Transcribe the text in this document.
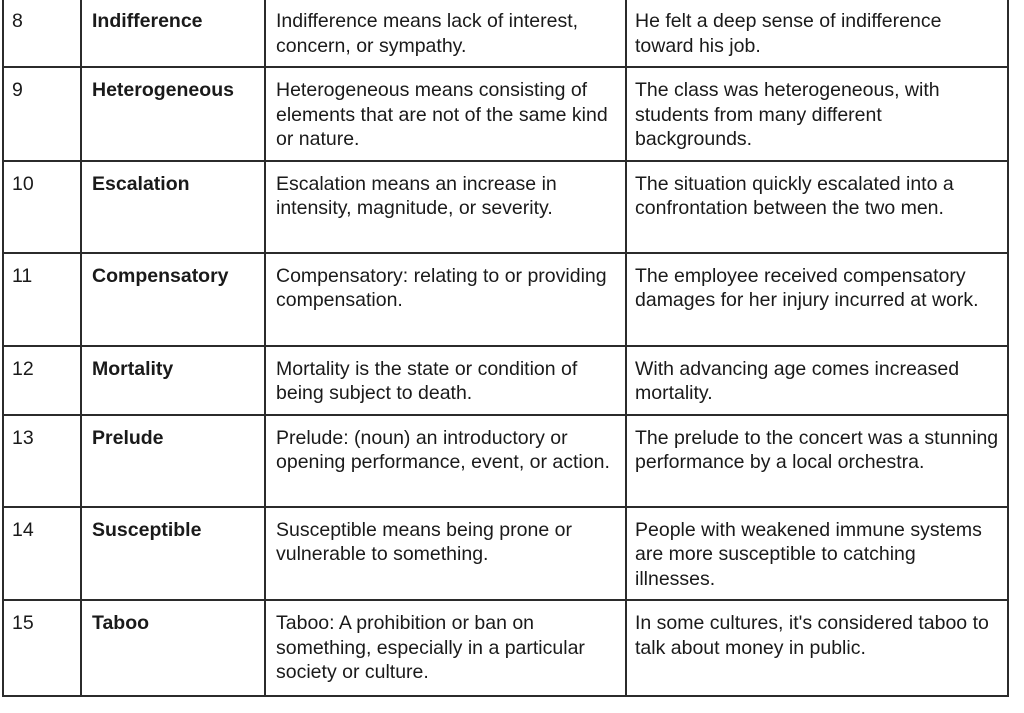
8	Indifference	Indifference means lack of interest, concern, or sympathy.	He felt a deep sense of indifference toward his job.
9	Heterogeneous	Heterogeneous means consisting of elements that are not of the same kind or nature.	The class was heterogeneous, with students from many different backgrounds.
10	Escalation	Escalation means an increase in intensity, magnitude, or severity.	The situation quickly escalated into a confrontation between the two men.
11	Compensatory	Compensatory: relating to or providing compensation.	The employee received compensatory damages for her injury incurred at work.
12	Mortality	Mortality is the state or condition of being subject to death.	With advancing age comes increased mortality.
13	Prelude	Prelude: (noun) an introductory or opening performance, event, or action.	The prelude to the concert was a stunning performance by a local orchestra.
14	Susceptible	Susceptible means being prone or vulnerable to something.	People with weakened immune systems are more susceptible to catching illnesses.
15	Taboo	Taboo: A prohibition or ban on something, especially in a particular society or culture.	In some cultures, it's considered taboo to talk about money in public.
